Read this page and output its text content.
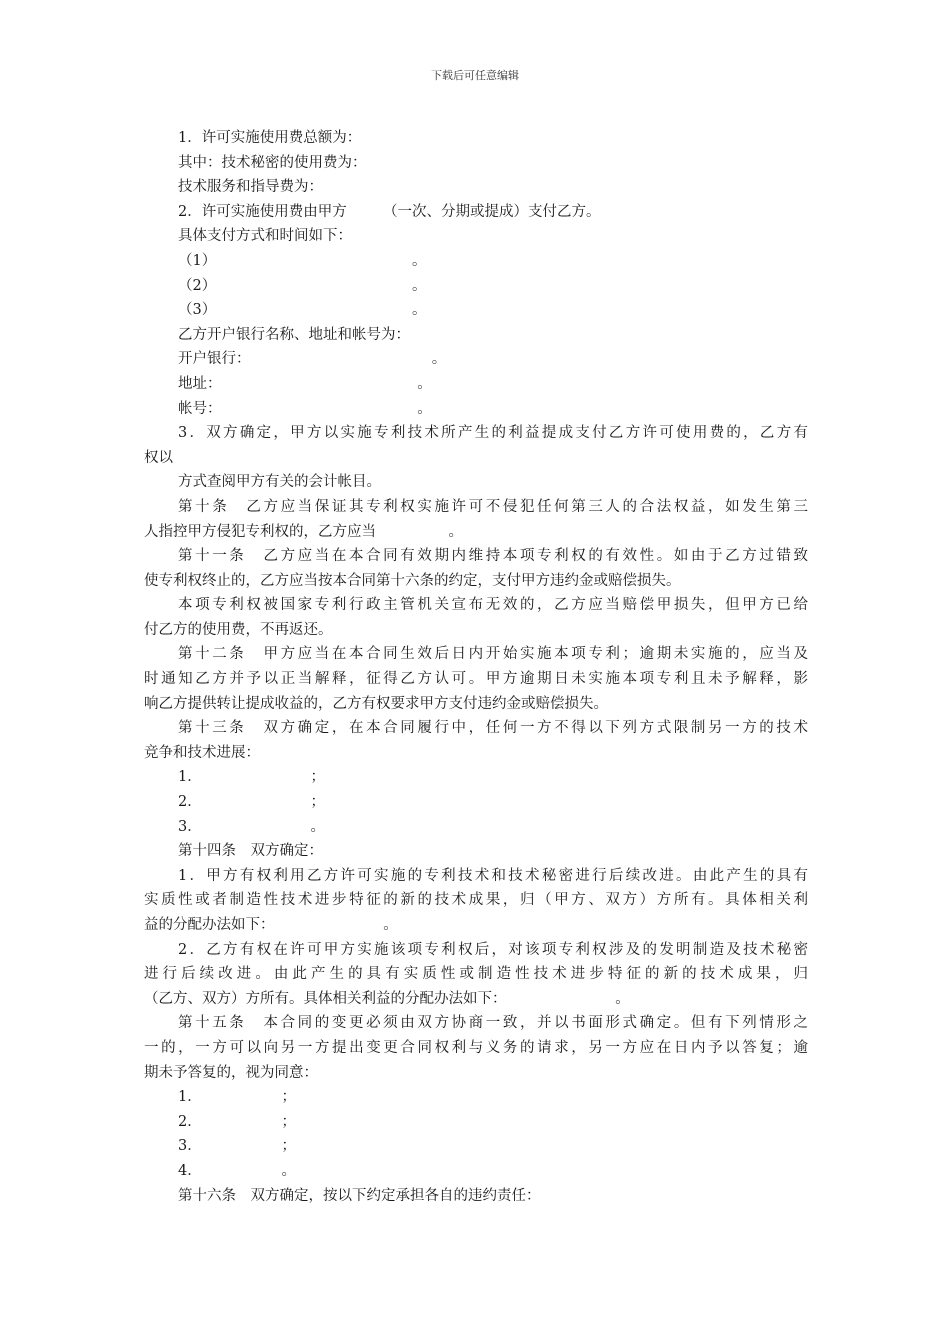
下载后可任意编辑
1．许可实施使用费总额为：
其中：技术秘密的使用费为：
技术服务和指导费为：
2．许可实施使用费由甲方　　　（一次、分期或提成）支付乙方。
具体支付方式和时间如下：
（1）　　　　　　　　　　　　　　。
（2）　　　　　　　　　　　　　　。
（3）　　　　　　　　　　　　　　。
乙方开户银行名称、地址和帐号为：
开户银行：　　　　　　　　　　　　　。
地址：　　　　　　　　　　　　　　。
帐号：　　　　　　　　　　　　　　。
3．双方确定，甲方以实施专利技术所产生的利益提成支付乙方许可使用费的，乙方有
权以
方式查阅甲方有关的会计帐目。
第十条　乙方应当保证其专利权实施许可不侵犯任何第三人的合法权益，如发生第三
人指控甲方侵犯专利权的，乙方应当　　　　　。
第十一条　乙方应当在本合同有效期内维持本项专利权的有效性。如由于乙方过错致
使专利权终止的，乙方应当按本合同第十六条的约定，支付甲方违约金或赔偿损失。
本项专利权被国家专利行政主管机关宣布无效的，乙方应当赔偿甲损失，但甲方已给
付乙方的使用费，不再返还。
第十二条　甲方应当在本合同生效后日内开始实施本项专利；逾期未实施的，应当及
时通知乙方并予以正当解释，征得乙方认可。甲方逾期日未实施本项专利且未予解释，影
响乙方提供转让提成收益的，乙方有权要求甲方支付违约金或赔偿损失。
第十三条　双方确定，在本合同履行中，任何一方不得以下列方式限制另一方的技术
竞争和技术进展：
1．　　　　　　　　；
2．　　　　　　　　；
3．　　　　　　　　。
第十四条　双方确定：
1．甲方有权利用乙方许可实施的专利技术和技术秘密进行后续改进。由此产生的具有
实质性或者制造性技术进步特征的新的技术成果，归（甲方、双方）方所有。具体相关利
益的分配办法如下：　　　　　　　　。
2．乙方有权在许可甲方实施该项专利权后，对该项专利权涉及的发明制造及技术秘密
进行后续改进。由此产生的具有实质性或制造性技术进步特征的新的技术成果，归
（乙方、双方）方所有。具体相关利益的分配办法如下：　　　　　　　　。
第十五条　本合同的变更必须由双方协商一致，并以书面形式确定。但有下列情形之
一的，一方可以向另一方提出变更合同权利与义务的请求，另一方应在日内予以答复；逾
期未予答复的，视为同意：
1．　　　　　　；
2．　　　　　　；
3．　　　　　　；
4．　　　　　　。
第十六条　双方确定，按以下约定承担各自的违约责任：
